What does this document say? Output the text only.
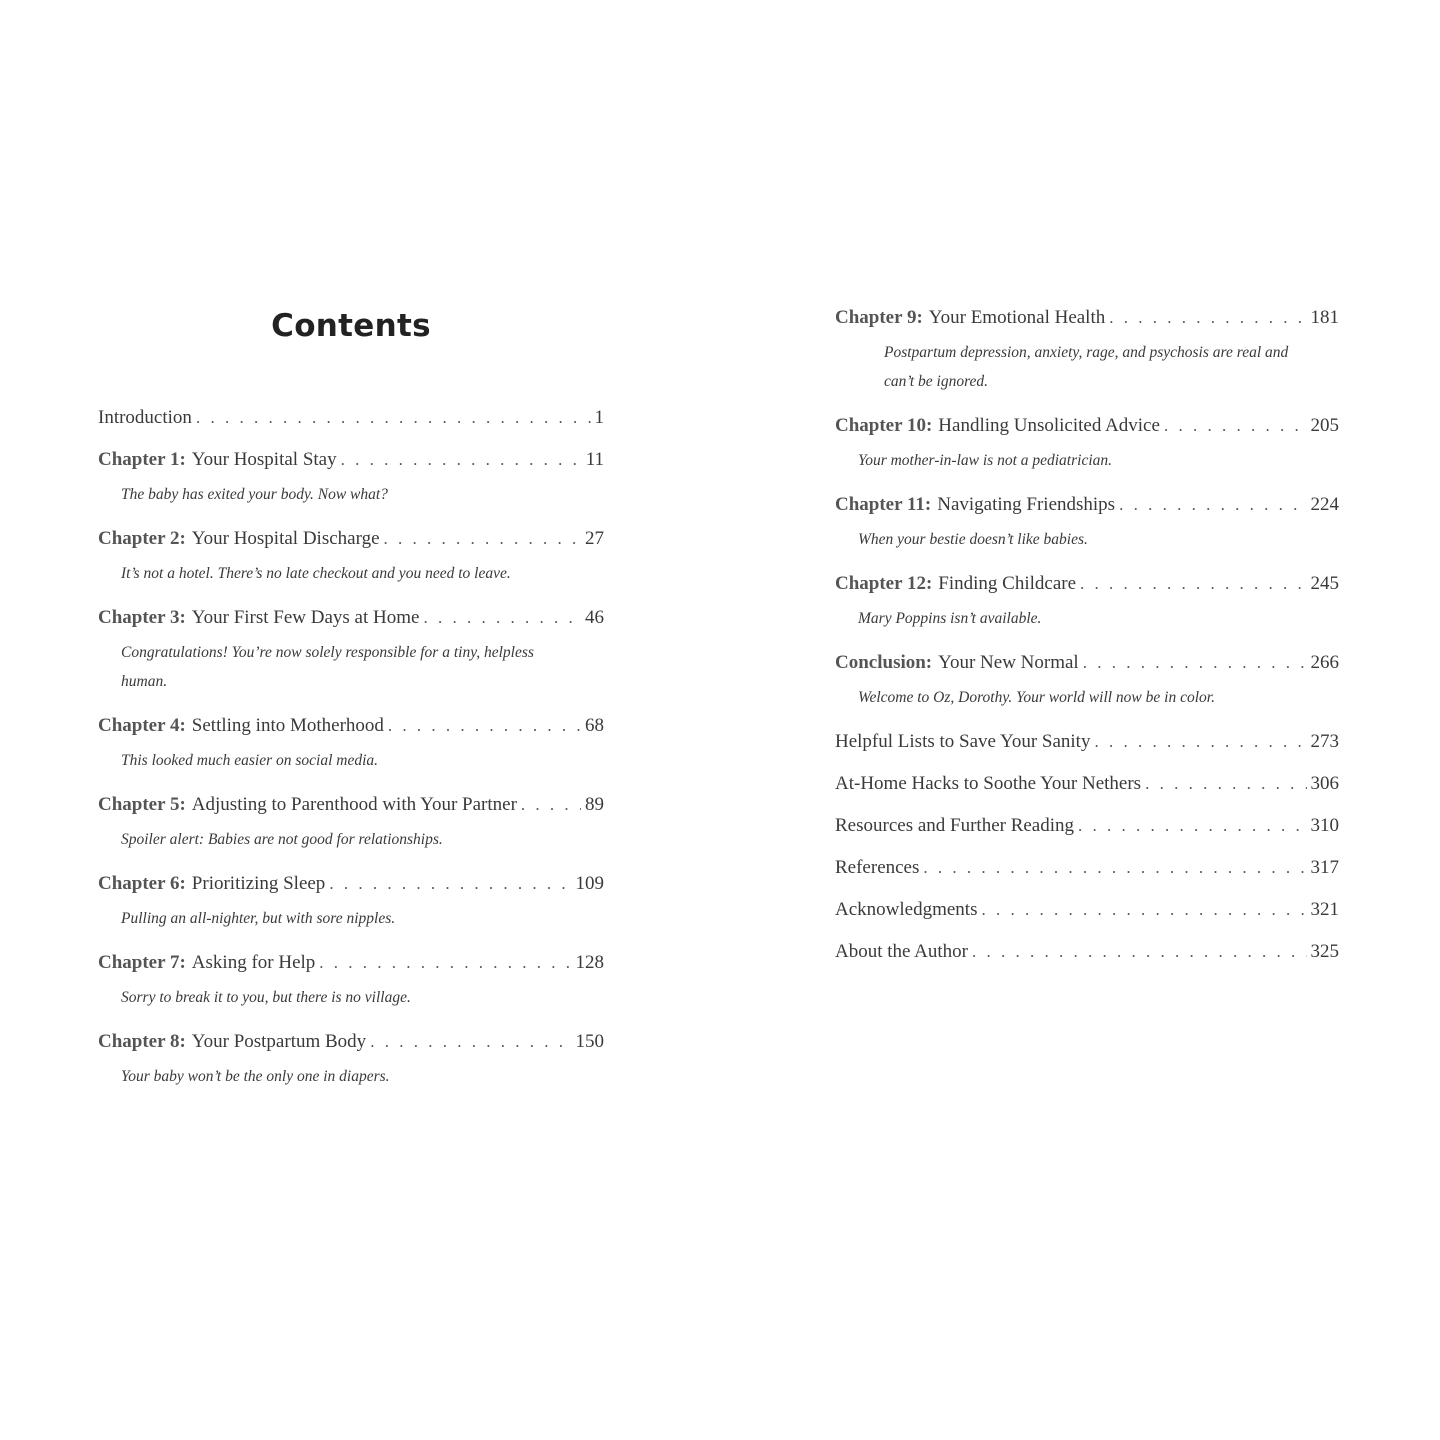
Contents
Introduction . . .	1
Chapter 1: Your Hospital Stay . . .	11
The baby has exited your body. Now what?
Chapter 2: Your Hospital Discharge . . .	27
It’s not a hotel. There’s no late checkout and you need to leave.
Chapter 3: Your First Few Days at Home . . .	46
Congratulations! You’re now solely responsible for a tiny, helpless human.
Chapter 4: Settling into Motherhood . . .	68
This looked much easier on social media.
Chapter 5: Adjusting to Parenthood with Your Partner . . .	89
Spoiler alert: Babies are not good for relationships.
Chapter 6: Prioritizing Sleep . . .	109
Pulling an all-nighter, but with sore nipples.
Chapter 7: Asking for Help . . .	128
Sorry to break it to you, but there is no village.
Chapter 8: Your Postpartum Body . . .	150
Your baby won’t be the only one in diapers.
Chapter 9: Your Emotional Health . . .	181
Postpartum depression, anxiety, rage, and psychosis are real and can’t be ignored.
Chapter 10: Handling Unsolicited Advice . . .	205
Your mother-in-law is not a pediatrician.
Chapter 11: Navigating Friendships . . .	224
When your bestie doesn’t like babies.
Chapter 12: Finding Childcare . . .	245
Mary Poppins isn’t available.
Conclusion: Your New Normal . . .	266
Welcome to Oz, Dorothy. Your world will now be in color.
Helpful Lists to Save Your Sanity . . .	273
At-Home Hacks to Soothe Your Nethers . . .	306
Resources and Further Reading . . .	310
References . . .	317
Acknowledgments . . .	321
About the Author . . .	325
